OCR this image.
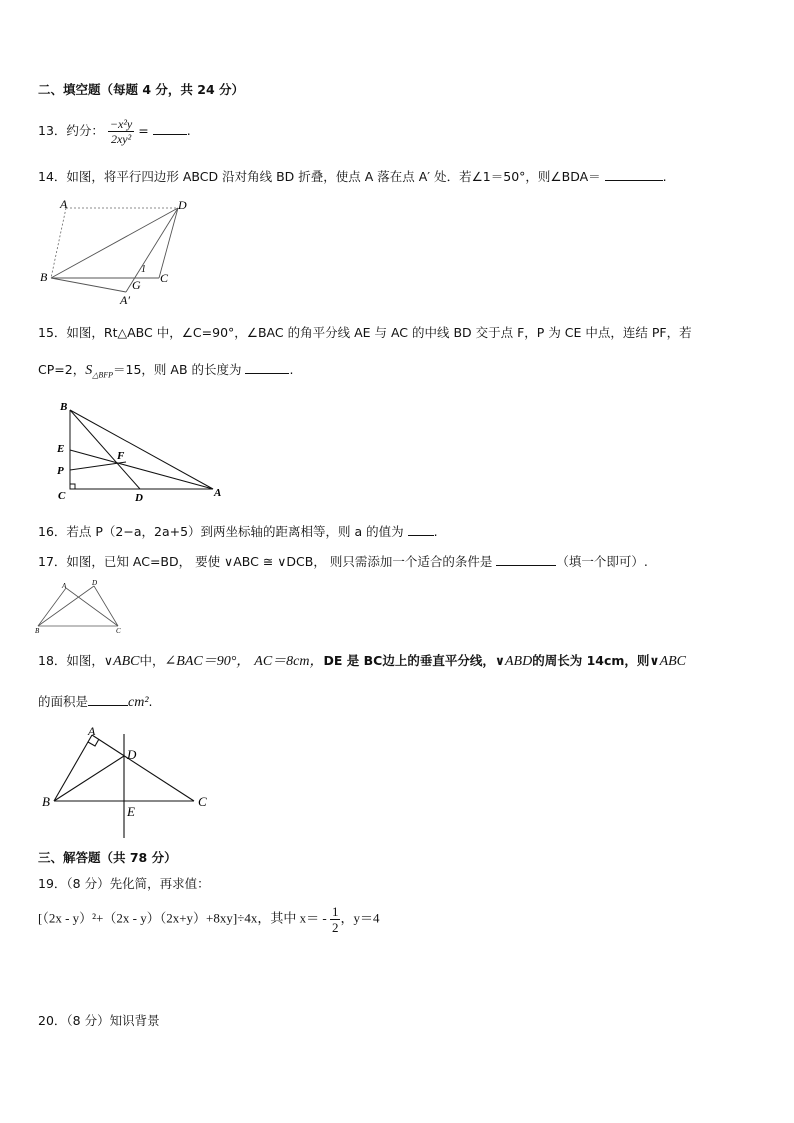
二、填空题（每题 4 分，共 24 分）
13．约分： $\frac{\text{−x²y}}{\text{2xy²}}$ =	.
14．如图，将平行四边形 ABCD 沿对角线 BD 折叠，使点 A 落在点 A′ 处．若∠1＝50°，则∠BDA＝	.
A	D
B
1
G C
A′
15．如图，Rt△ABC 中，∠C=90°，∠BAC 的角平分线 AE 与 AC 的中线 BD 交于点 F，P 为 CE 中点，连结 PF，若
CP=2，$S_{\triangle BFP}=15$，则 AB 的长度为	.
B
E
F
P
C	D	A
16．若点 P（2−a，2a+5）到两坐标轴的距离相等，则 a 的值为 .
17．如图，已知 AC=BD， 要使 ∨ABC ≅ ∨DCB， 则只需添加一个适合的条件是	（填一个即可）.
A	D
B	C
18．如图，∨ABC中，∠BAC＝90°， AC＝8cm，DE 是 BC边上的垂直平分线，∨ABD的周长为 14cm，则∨ABC
的面积是	cm².
A
D
B
E
C
三、解答题（共 78 分）
19．（8 分）先化简，再求值：
[（2x - y）²+（2x - y）（2x+y）+8xy]÷4x，其中 $x= - \frac{1}{2}$ ，y＝4
20．（8 分）知识背景
